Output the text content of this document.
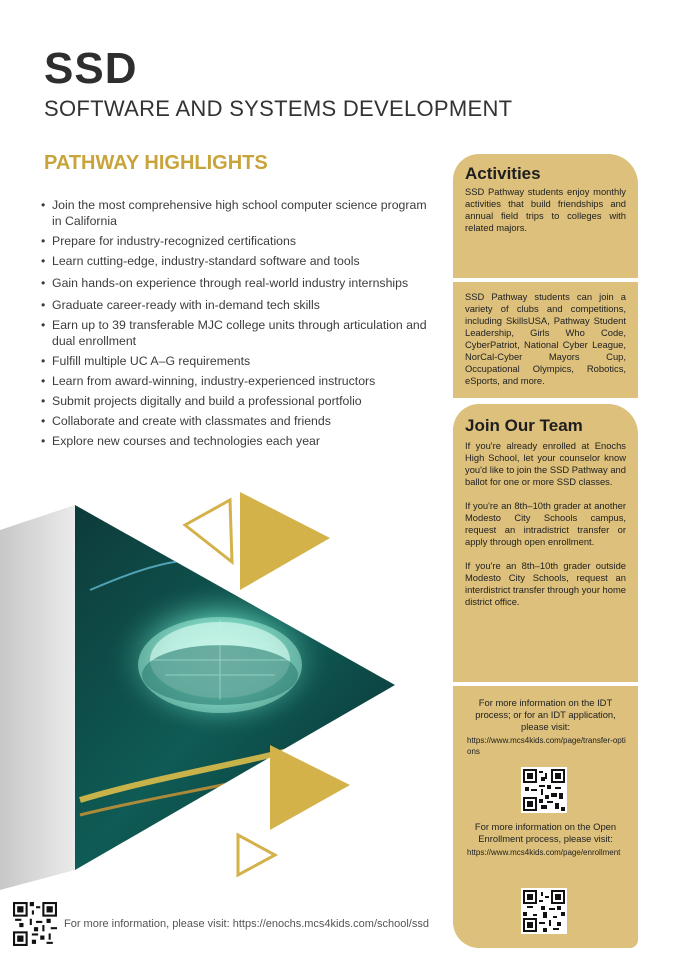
SSD
SOFTWARE AND SYSTEMS DEVELOPMENT
PATHWAY HIGHLIGHTS
• Join the most comprehensive high school computer science program in California
• Prepare for industry-recognized certifications
• Learn cutting-edge, industry-standard software and tools
• Gain hands-on experience through real-world industry internships
• Graduate career-ready with in-demand tech skills
• Earn up to 39 transferable MJC college units through articulation and dual enrollment
• Fulfill multiple UC A–G requirements
• Learn from award-winning, industry-experienced instructors
• Submit projects digitally and build a professional portfolio
• Collaborate and create with classmates and friends
• Explore new courses and technologies each year
Activities

SSD Pathway students enjoy monthly activities that build friendships and annual field trips to colleges with related majors.

SSD Pathway students can join a variety of clubs and competitions, including SkillsUSA, Pathway Student Leadership, Girls Who Code, CyberPatriot, National Cyber League, NorCal-Cyber Mayors Cup, Occupational Olympics, Robotics, eSports, and more.

Join Our Team

If you're already enrolled at Enochs High School, let your counselor know you'd like to join the SSD Pathway and ballot for one or more SSD classes.

If you're an 8th–10th grader at another Modesto City Schools campus, request an intradistrict transfer or apply through open enrollment.

If you're an 8th–10th grader outside Modesto City Schools, request an interdistrict transfer through your home district office.

For more information on the IDT process; or for an IDT application, please visit:

https://www.mcs4kids.com/page/transfer-options

For more information on the Open Enrollment process, please visit:

https://www.mcs4kids.com/page/enrollment

For more information, please visit: https://enochs.mcs4kids.com/school/ssd
